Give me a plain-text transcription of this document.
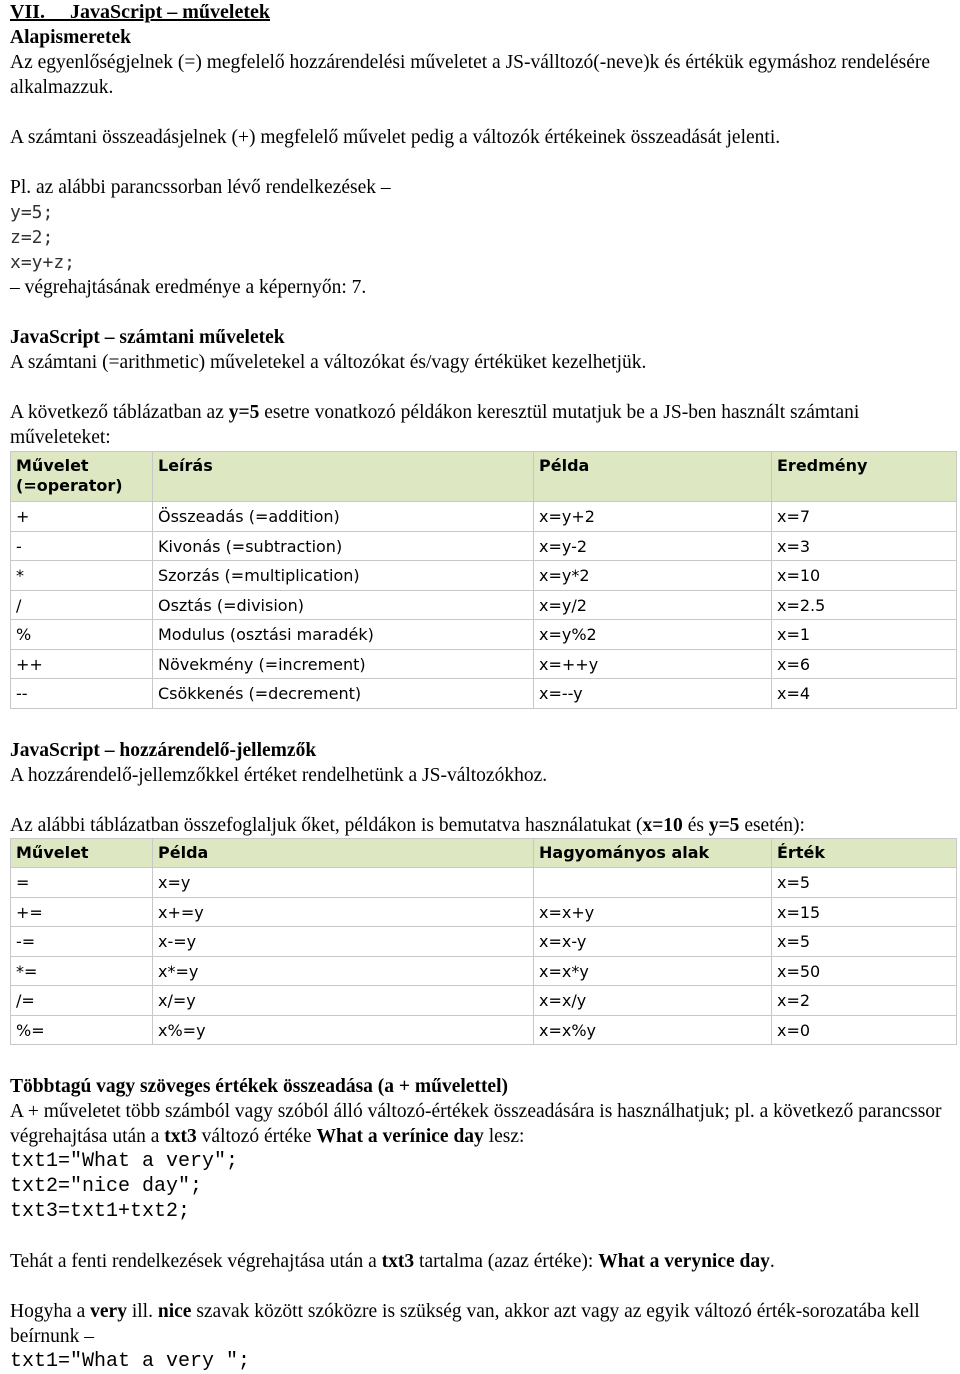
VII. JavaScript – műveletek

Alapismeretek

Az egyenlőségjelnek (=) megfelelő hozzárendelési műveletet a JS-válltozó(-neve)k és értékük egymáshoz rendelésére alkalmazzuk.

A számtani összeadásjelnek (+) megfelelő művelet pedig a változók értékeinek összeadását jelenti.

Pl. az alábbi parancssorban lévő rendelkezések –

y=5;
z=2;
x=y+z;

– végrehajtásának eredménye a képernyőn: 7.

JavaScript – számtani műveletek

A számtani (=arithmetic) műveletekel a változókat és/vagy értéküket kezelhetjük.

A következő táblázatban az y=5 esetre vonatkozó példákon keresztül mutatjuk be a JS-ben használt számtani műveleteket:

Művelet (=operator)	Leírás	Példa	Eredmény
+	Összeadás (=addition)	x=y+2	x=7
-	Kivonás (=subtraction)	x=y-2	x=3
*	Szorzás (=multiplication)	x=y*2	x=10
/	Osztás (=division)	x=y/2	x=2.5
%	Modulus (osztási maradék)	x=y%2	x=1
++	Növekmény (=increment)	x=++y	x=6
--	Csökkenés (=decrement)	x=--y	x=4

JavaScript – hozzárendelő-jellemzők

A hozzárendelő-jellemzőkkel értéket rendelhetünk a JS-változókhoz.

Az alábbi táblázatban összefoglaljuk őket, példákon is bemutatva használatukat (x=10 és y=5 esetén):

Művelet	Példa	Hagyományos alak	Érték
=	x=y		x=5
+=	x+=y	x=x+y	x=15
-=	x-=y	x=x-y	x=5
*=	x*=y	x=x*y	x=50
/=	x/=y	x=x/y	x=2
%=	x%=y	x=x%y	x=0

Többtagú vagy szöveges értékek összeadása (a + művelettel)

A + műveletet több számból vagy szóból álló változó-értékek összeadására is használhatjuk; pl. a következő parancssor végrehajtása után a txt3 változó értéke What a verínice day lesz:

txt1="What a very";
txt2="nice day";
txt3=txt1+txt2;

Tehát a fenti rendelkezések végrehajtása után a txt3 tartalma (azaz értéke): What a verynice day.

Hogyha a very ill. nice szavak között szóközre is szükség van, akkor azt vagy az egyik változó érték-sorozatába kell beírnunk –

txt1="What a very ";
